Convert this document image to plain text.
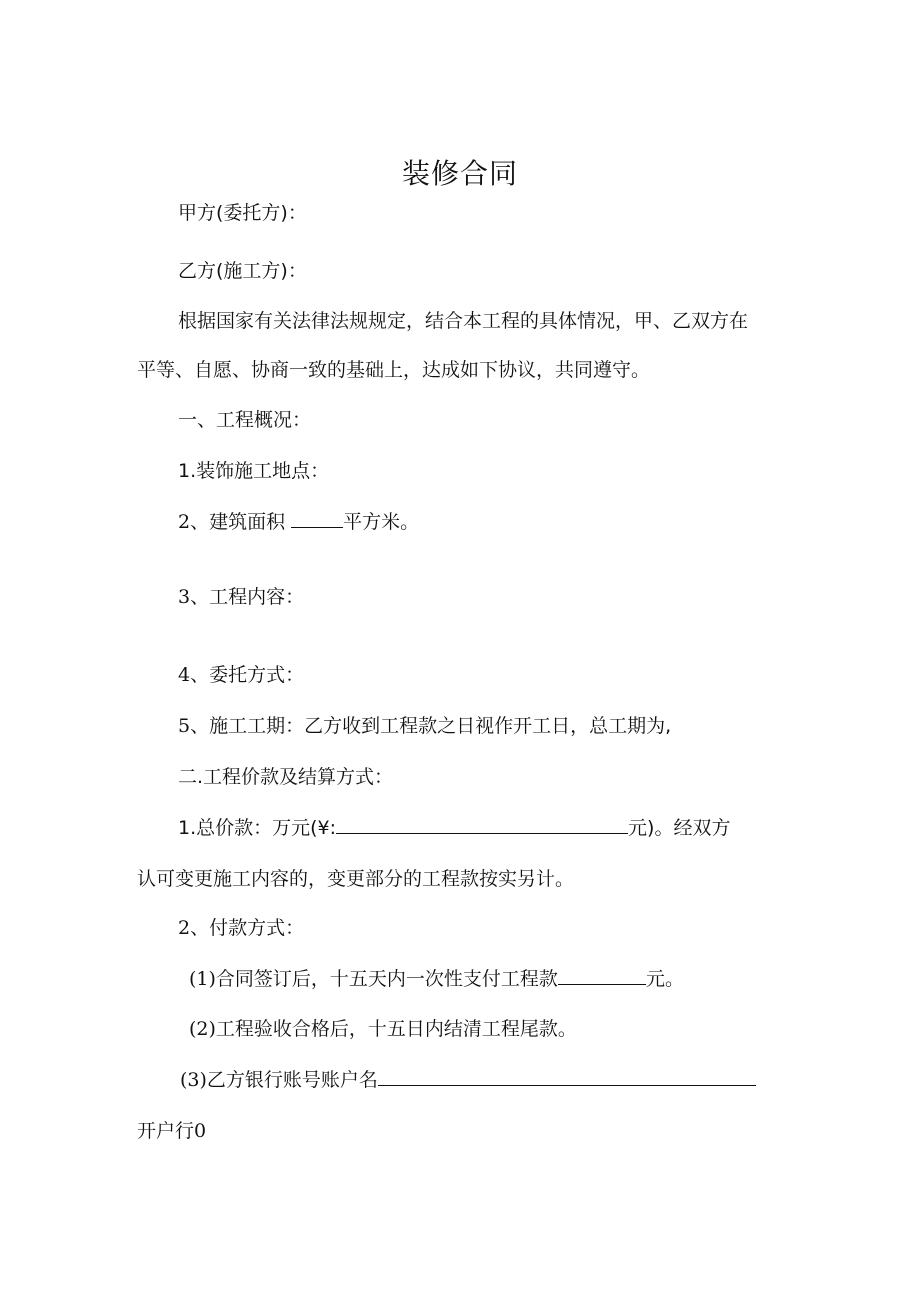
装修合同
甲方(委托方)：
乙方(施工方)：
根据国家有关法律法规规定，结合本工程的具体情况，甲、乙双方在
平等、自愿、协商一致的基础上，达成如下协议，共同遵守。
一、工程概况：
1.装饰施工地点：
2、建筑面积	平方米。
3、工程内容：
4、委托方式：
5、施工工期：乙方收到工程款之日视作开工日，总工期为,
二.工程价款及结算方式：
1.总价款：万元(¥:	元)。经双方
认可变更施工内容的，变更部分的工程款按实另计。
2、付款方式：
(1)合同签订后，十五天内一次性支付工程款	元。
(2)工程验收合格后，十五日内结清工程尾款。
(3)乙方银行账号账户名
开户行0
